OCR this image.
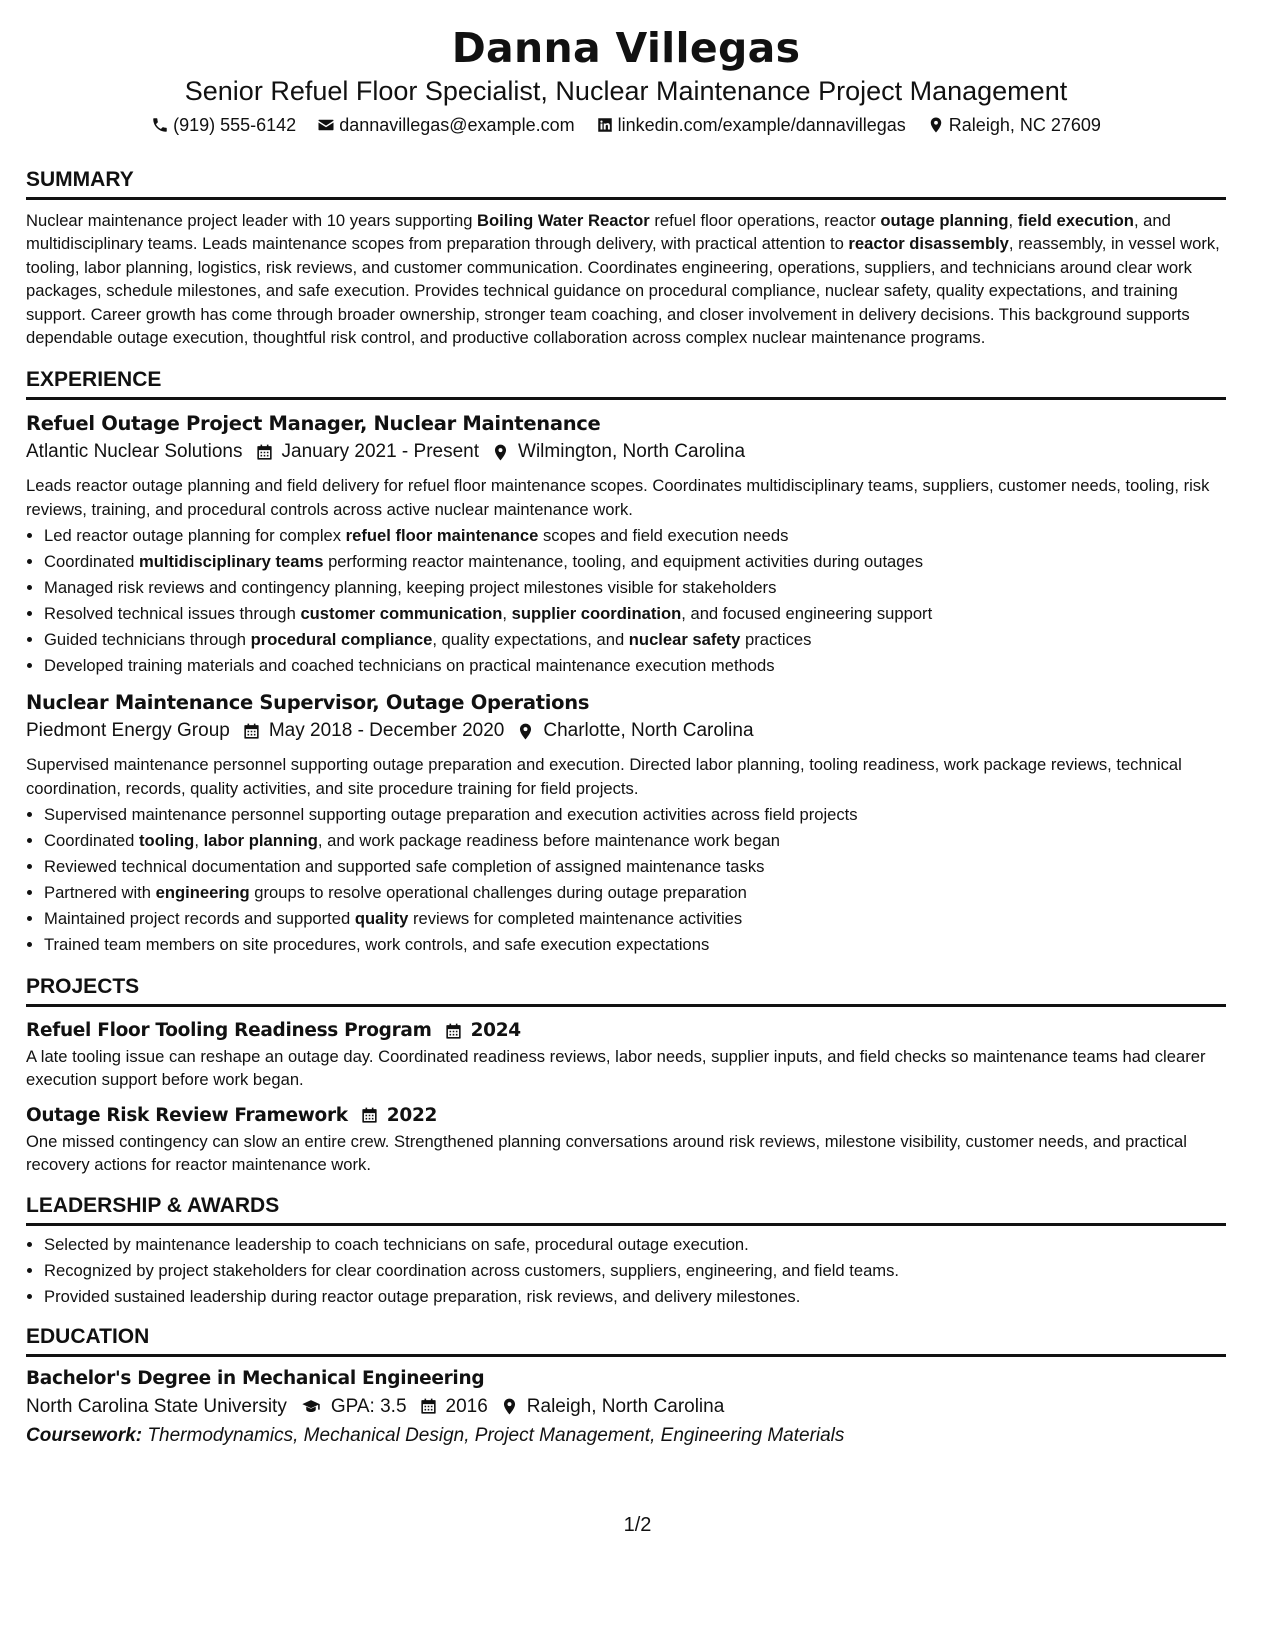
Danna Villegas
Senior Refuel Floor Specialist, Nuclear Maintenance Project Management
(919) 555-6142
dannavillegas@example.com
linkedin.com/example/dannavillegas
Raleigh, NC 27609
SUMMARY

Nuclear maintenance project leader with 10 years supporting Boiling Water Reactor refuel floor operations, reactor outage planning, field execution, and multidisciplinary teams. Leads maintenance scopes from preparation through delivery, with practical attention to reactor disassembly, reassembly, in vessel work, tooling, labor planning, logistics, risk reviews, and customer communication. Coordinates engineering, operations, suppliers, and technicians around clear work packages, schedule milestones, and safe execution. Provides technical guidance on procedural compliance, nuclear safety, quality expectations, and training support. Career growth has come through broader ownership, stronger team coaching, and closer involvement in delivery decisions. This background supports dependable outage execution, thoughtful risk control, and productive collaboration across complex nuclear maintenance programs.

EXPERIENCE
Refuel Outage Project Manager, Nuclear Maintenance
Atlantic Nuclear Solutions January 2021 - Present Wilmington, North Carolina

Leads reactor outage planning and field delivery for refuel floor maintenance scopes. Coordinates multidisciplinary teams, suppliers, customer needs, tooling, risk reviews, training, and procedural controls across active nuclear maintenance work.

• Led reactor outage planning for complex refuel floor maintenance scopes and field execution needs
• Coordinated multidisciplinary teams performing reactor maintenance, tooling, and equipment activities during outages
• Managed risk reviews and contingency planning, keeping project milestones visible for stakeholders
• Resolved technical issues through customer communication, supplier coordination, and focused engineering support
• Guided technicians through procedural compliance, quality expectations, and nuclear safety practices
• Developed training materials and coached technicians on practical maintenance execution methods
Nuclear Maintenance Supervisor, Outage Operations
Piedmont Energy Group May 2018 - December 2020 Charlotte, North Carolina

Supervised maintenance personnel supporting outage preparation and execution. Directed labor planning, tooling readiness, work package reviews, technical coordination, records, quality activities, and site procedure training for field projects.

• Supervised maintenance personnel supporting outage preparation and execution activities across field projects
• Coordinated tooling, labor planning, and work package readiness before maintenance work began
• Reviewed technical documentation and supported safe completion of assigned maintenance tasks
• Partnered with engineering groups to resolve operational challenges during outage preparation
• Maintained project records and supported quality reviews for completed maintenance activities
• Trained team members on site procedures, work controls, and safe execution expectations
PROJECTS
Refuel Floor Tooling Readiness Program 2024

A late tooling issue can reshape an outage day. Coordinated readiness reviews, labor needs, supplier inputs, and field checks so maintenance teams had clearer execution support before work began.

Outage Risk Review Framework 2022

One missed contingency can slow an entire crew. Strengthened planning conversations around risk reviews, milestone visibility, customer needs, and practical recovery actions for reactor maintenance work.

LEADERSHIP & AWARDS
• Selected by maintenance leadership to coach technicians on safe, procedural outage execution.
• Recognized by project stakeholders for clear coordination across customers, suppliers, engineering, and field teams.
• Provided sustained leadership during reactor outage preparation, risk reviews, and delivery milestones.
EDUCATION
Bachelor's Degree in Mechanical Engineering
North Carolina State University GPA: 3.5 2016 Raleigh, North Carolina
Coursework: Thermodynamics, Mechanical Design, Project Management, Engineering Materials
1/2
